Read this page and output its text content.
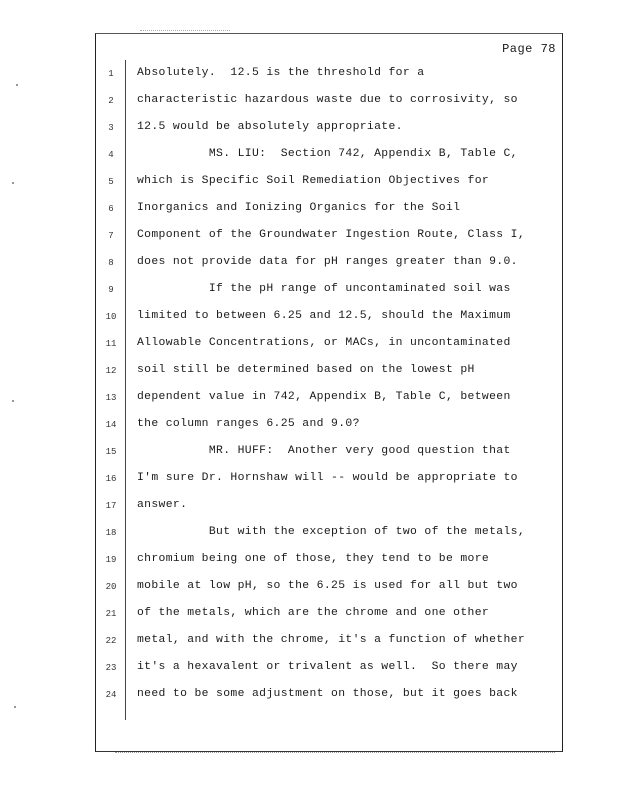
Page 78
1	Absolutely.  12.5 is the threshold for a
2	characteristic hazardous waste due to corrosivity, so
3	12.5 would be absolutely appropriate.
4	MS. LIU:  Section 742, Appendix B, Table C,
5	which is Specific Soil Remediation Objectives for
6	Inorganics and Ionizing Organics for the Soil
7	Component of the Groundwater Ingestion Route, Class I,
8	does not provide data for pH ranges greater than 9.0.
9	If the pH range of uncontaminated soil was
10	limited to between 6.25 and 12.5, should the Maximum
11	Allowable Concentrations, or MACs, in uncontaminated
12	soil still be determined based on the lowest pH
13	dependent value in 742, Appendix B, Table C, between
14	the column ranges 6.25 and 9.0?
15	MR. HUFF:  Another very good question that
16	I'm sure Dr. Hornshaw will -- would be appropriate to
17	answer.
18	But with the exception of two of the metals,
19	chromium being one of those, they tend to be more
20	mobile at low pH, so the 6.25 is used for all but two
21	of the metals, which are the chrome and one other
22	metal, and with the chrome, it's a function of whether
23	it's a hexavalent or trivalent as well.  So there may
24	need to be some adjustment on those, but it goes back
